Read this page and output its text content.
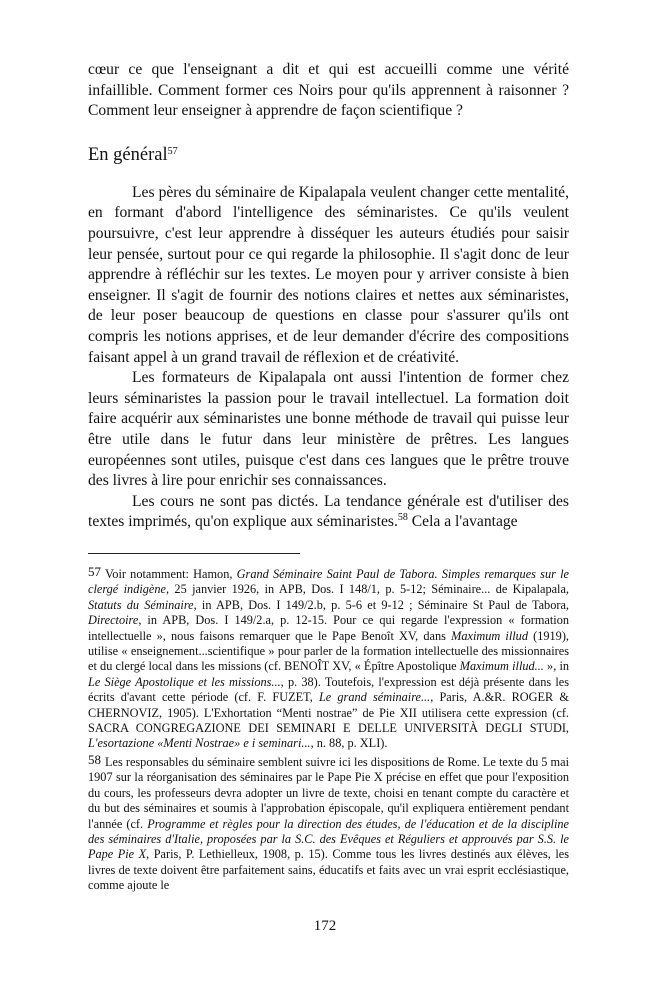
cœur ce que l'enseignant a dit et qui est accueilli comme une vérité infaillible. Comment former ces Noirs pour qu'ils apprennent à raisonner ? Comment leur enseigner à apprendre de façon scientifique ?

En général$^{57}$

Les pères du séminaire de Kipalapala veulent changer cette mentalité, en formant d'abord l'intelligence des séminaristes. Ce qu'ils veulent poursuivre, c'est leur apprendre à disséquer les auteurs étudiés pour saisir leur pensée, surtout pour ce qui regarde la philosophie. Il s'agit donc de leur apprendre à réfléchir sur les textes. Le moyen pour y arriver consiste à bien enseigner. Il s'agit de fournir des notions claires et nettes aux séminaristes, de leur poser beaucoup de questions en classe pour s'assurer qu'ils ont compris les notions apprises, et de leur demander d'écrire des compositions faisant appel à un grand travail de réflexion et de créativité.

Les formateurs de Kipalapala ont aussi l'intention de former chez leurs séminaristes la passion pour le travail intellectuel. La formation doit faire acquérir aux séminaristes une bonne méthode de travail qui puisse leur être utile dans le futur dans leur ministère de prêtres. Les langues européennes sont utiles, puisque c'est dans ces langues que le prêtre trouve des livres à lire pour enrichir ses connaissances.

Les cours ne sont pas dictés. La tendance générale est d'utiliser des textes imprimés, qu'on explique aux séminaristes.$^{58}$ Cela a l'avantage

57 Voir notamment: Hamon, Grand Séminaire Saint Paul de Tabora. Simples remarques sur le clergé indigène, 25 janvier 1926, in APB, Dos. I 148/1, p. 5-12; Séminaire... de Kipalapala, Statuts du Séminaire, in APB, Dos. I 149/2.b, p. 5-6 et 9-12 ; Séminaire St Paul de Tabora, Directoire, in APB, Dos. I 149/2.a, p. 12-15. Pour ce qui regarde l'expression « formation intellectuelle », nous faisons remarquer que le Pape Benoît XV, dans Maximum illud (1919), utilise « enseignement...scientifique » pour parler de la formation intellectuelle des missionnaires et du clergé local dans les missions (cf. BENOÎT XV, « Épître Apostolique Maximum illud... », in Le Siège Apostolique et les missions..., p. 38). Toutefois, l'expression est déjà présente dans les écrits d'avant cette période (cf. F. FUZET, Le grand séminaire..., Paris, A.&R. ROGER & CHERNOVIZ, 1905). L'Exhortation “Menti nostrae” de Pie XII utilisera cette expression (cf. SACRA CONGREGAZIONE DEI SEMINARI E DELLE UNIVERSITÀ DEGLI STUDI, L'esortazione «Menti Nostrae» e i seminari..., n. 88, p. XLI).

58 Les responsables du séminaire semblent suivre ici les dispositions de Rome. Le texte du 5 mai 1907 sur la réorganisation des séminaires par le Pape Pie X précise en effet que pour l'exposition du cours, les professeurs devra adopter un livre de texte, choisi en tenant compte du caractère et du but des séminaires et soumis à l'approbation épiscopale, qu'il expliquera entièrement pendant l'année (cf. Programme et règles pour la direction des études, de l'éducation et de la discipline des séminaires d'Italie, proposées par la S.C. des Evêques et Réguliers et approuvés par S.S. le Pape Pie X, Paris, P. Lethielleux, 1908, p. 15). Comme tous les livres destinés aux élèves, les livres de texte doivent être parfaitement sains, éducatifs et faits avec un vrai esprit ecclésiastique, comme ajoute le

172
